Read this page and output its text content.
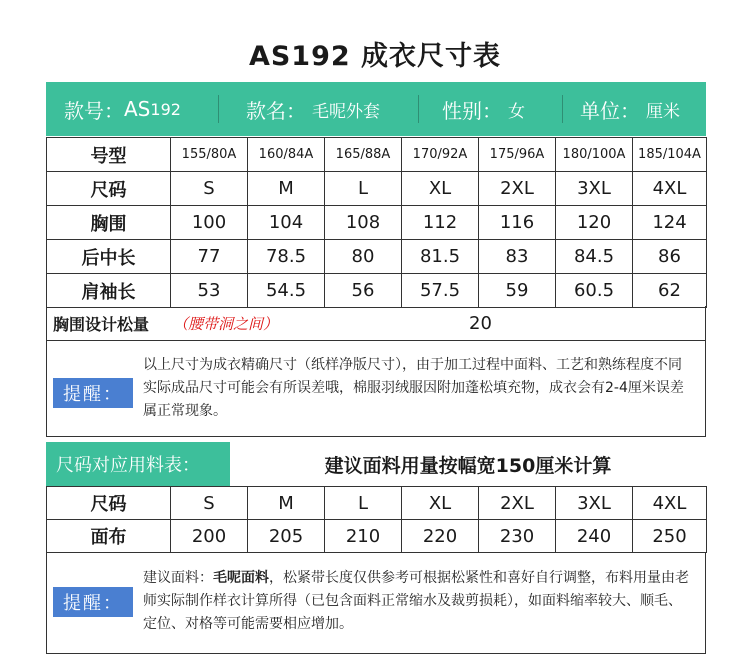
AS192 成衣尺寸表
款号： AS 192	款名： 毛呢外套	性别： 女	单位： 厘米
号型	155/80A	160/84A	165/88A	170/92A	175/96A	180/100A	185/104A
尺码	S	M	L	XL	2XL	3XL	4XL
胸围	100	104	108	112	116	120	124
后中长	77	78.5	80	81.5	83	84.5	86
肩袖长	53	54.5	56	57.5	59	60.5	62
胸围设计松量	（腰带洞之间）	20
提醒：
以上尺寸为成衣精确尺寸（纸样净版尺寸），由于加工过程中面料、工艺和熟练程度不同实际成品尺寸可能会有所误差哦，棉服羽绒服因附加蓬松填充物，成衣会有2-4厘米误差属正常现象。
尺码对应用料表：	建议面料用量按幅宽150厘米计算
尺码	S	M	L	XL	2XL	3XL	4XL
面布	200	205	210	220	230	240	250
提醒：
建议面料：毛呢面料，松紧带长度仅供参考可根据松紧性和喜好自行调整，布料用量由老师实际制作样衣计算所得（已包含面料正常缩水及裁剪损耗），如面料缩率较大、顺毛、定位、对格等可能需要相应增加。
